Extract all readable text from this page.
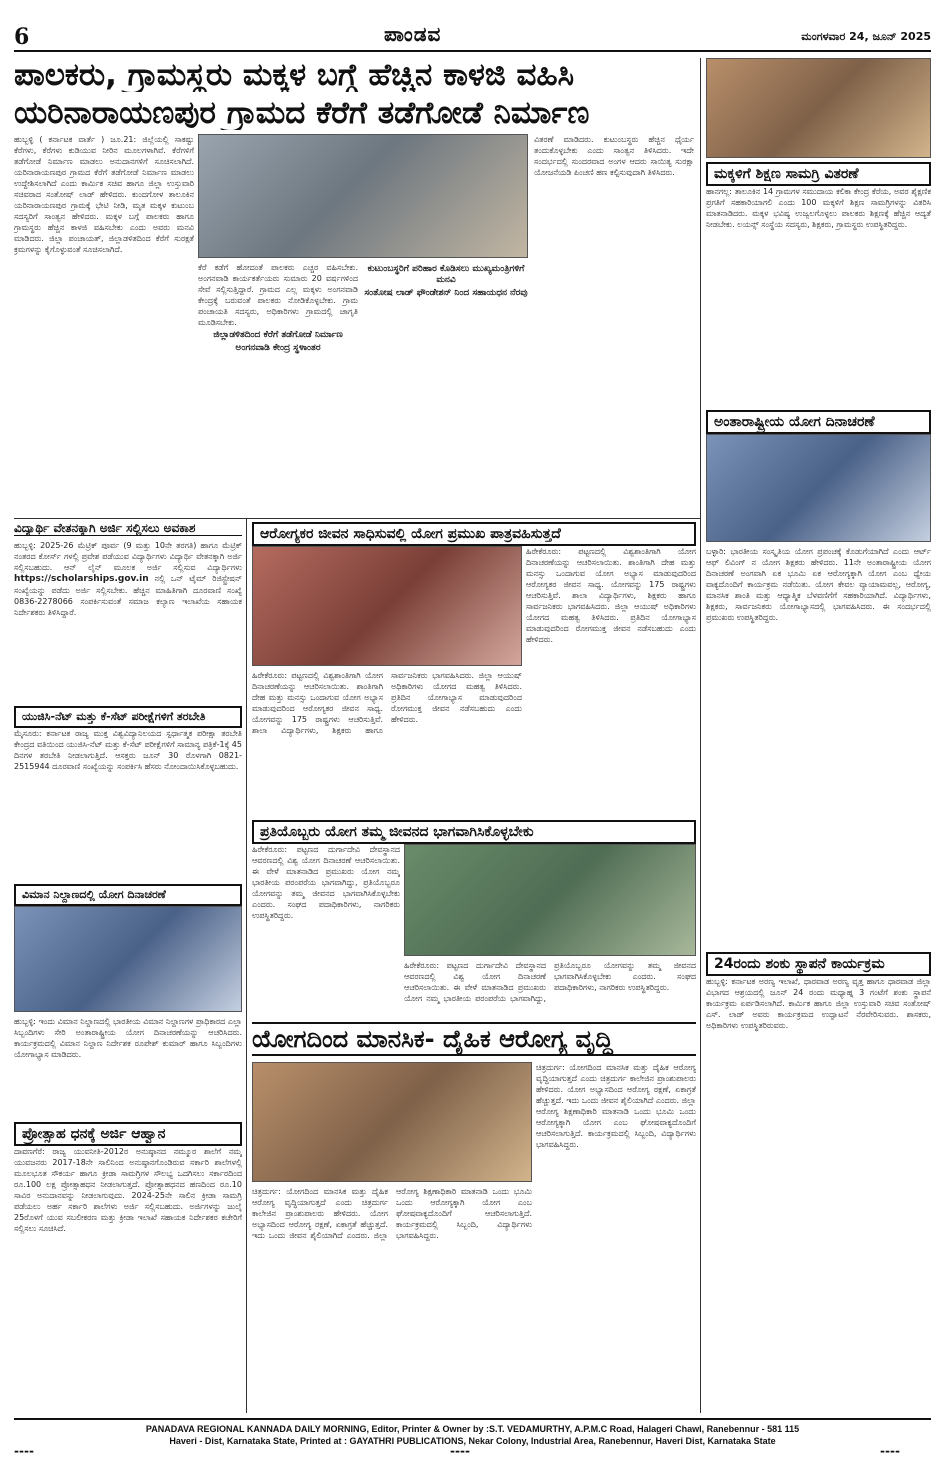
6	ಪಾಂಡವ	ಮಂಗಳವಾರ 24, ಜೂನ್ 2025
ಪಾಲಕರು, ಗ್ರಾಮಸ್ಥರು ಮಕ್ಕಳ ಬಗ್ಗೆ ಹೆಚ್ಚಿನ ಕಾಳಜಿ ವಹಿಸಿ
ಯರಿನಾರಾಯಣಪುರ ಗ್ರಾಮದ ಕೆರೆಗೆ ತಡೆಗೋಡೆ ನಿರ್ಮಾಣ
ಹುಬ್ಬಳ್ಳಿ ( ಕರ್ನಾಟಕ ವಾರ್ತೆ ) ಜೂ.21: ಜಿಲ್ಲೆಯಲ್ಲಿ ಸಾಕಷ್ಟು ಕೆರೆಗಳು, ಕೆರೆಗಳು ಕುಡಿಯುವ ನೀರಿನ ಮೂಲಗಳಾಗಿವೆ. ಕೆರೆಗಳಿಗೆ ತಡೆಗೋಡೆ ನಿರ್ಮಾಣ ಮಾಡಲು ಅನುದಾನಗಳಿಗೆ ಸೂಚಿಸಲಾಗಿದೆ. ಯರಿನಾರಾಯಣಪುರ ಗ್ರಾಮದ ಕೆರೆಗೆ ತಡೆಗೋಡೆ ನಿರ್ಮಾಣ ಮಾಡಲು ಉದ್ದೇಶಿಸಲಾಗಿದೆ ಎಂದು ಕಾರ್ಮಿಕ ಸಚಿವ ಹಾಗೂ ಜಿಲ್ಲಾ ಉಸ್ತುವಾರಿ ಸಚಿವರಾದ ಸಂತೋಷ್ ಲಾಡ್ ಹೇಳಿದರು. ಕುಂದಗೋಳ ತಾಲೂಕಿನ ಯರಿನಾರಾಯಣಪುರ ಗ್ರಾಮಕ್ಕೆ ಭೇಟಿ ನೀಡಿ, ಮೃತ ಮಕ್ಕಳ ಕುಟುಂಬ ಸದಸ್ಯರಿಗೆ ಸಾಂತ್ವನ ಹೇಳಿದರು. ಮಕ್ಕಳ ಬಗ್ಗೆ ಪಾಲಕರು ಹಾಗೂ ಗ್ರಾಮಸ್ಥರು ಹೆಚ್ಚಿನ ಕಾಳಜಿ ವಹಿಸಬೇಕು ಎಂದು ಅವರು ಮನವಿ ಮಾಡಿದರು. ಜಿಲ್ಲಾ ಪಂಚಾಯತ್, ಜಿಲ್ಲಾಡಳಿತದಿಂದ ಕೆರೆಗೆ ಸುರಕ್ಷತೆ ಕ್ರಮಗಳನ್ನು ಕೈಗೊಳ್ಳುವಂತೆ ಸೂಚಿಸಲಾಗಿದೆ.
ಕೆರೆ ಕಡೆಗೆ ಹೋದಂತೆ ಪಾಲಕರು ಎಚ್ಚರ ವಹಿಸಬೇಕು. ಅಂಗನವಾಡಿ ಕಾರ್ಯಕರ್ತೆಯರು ಸುಮಾರು 20 ವರ್ಷಗಳಿಂದ ಸೇವೆ ಸಲ್ಲಿಸುತ್ತಿದ್ದಾರೆ. ಗ್ರಾಮದ ಎಲ್ಲ ಮಕ್ಕಳು ಅಂಗನವಾಡಿ ಕೇಂದ್ರಕ್ಕೆ ಬರುವಂತೆ ಪಾಲಕರು ನೋಡಿಕೊಳ್ಳಬೇಕು. ಗ್ರಾಮ ಪಂಚಾಯತಿ ಸದಸ್ಯರು, ಅಧಿಕಾರಿಗಳು ಗ್ರಾಮದಲ್ಲಿ ಜಾಗೃತಿ ಮೂಡಿಸಬೇಕು.
ಜಿಲ್ಲಾಡಳಿತದಿಂದ ಕೆರೆಗೆ ತಡೆಗೋಡೆ ನಿರ್ಮಾಣ
ಅಂಗನವಾಡಿ ಕೇಂದ್ರ ಸ್ಥಳಾಂತರ
ಕುಟುಂಬಸ್ಥರಿಗೆ ಪರಿಹಾರ ಕೊಡಿಸಲು ಮುಖ್ಯಮಂತ್ರಿಗಳಿಗೆ ಮನವಿ
ಸಂತೋಷ ಲಾಡ್ ಫೌಂಡೇಶನ್ ನಿಂದ ಸಹಾಯಧನ ನೆರವು
ವಿತರಣೆ ಮಾಡಿದರು. ಕುಟುಂಬಸ್ಥರು ಹೆಚ್ಚಿನ ಧೈರ್ಯ ತಂದುಕೊಳ್ಳಬೇಕು ಎಂದು ಸಾಂತ್ವನ ತಿಳಿಸಿದರು. ಇದೇ ಸಂದರ್ಭದಲ್ಲಿ ಸುಂದರವಾದ ಅಂಗಳ ಆದರು ಸಾಯಿತ್ಯ ಸುರಕ್ಷಾ ಯೋಜನೆಯಡಿ ಪಿಂಚಣಿ ಹಣ ಕಲ್ಪಿಸುವುದಾಗಿ ತಿಳಿಸಿದರು.	ಮಕ್ಕಳಿಗೆ ಶಿಕ್ಷಣ ಸಾಮಗ್ರಿ ವಿತರಣೆ
ಹಾನಗಲ್ಲ: ತಾಲೂಕಿನ 14 ಗ್ರಾಮಗಳ ಸಮುದಾಯ ಕಲಿಕಾ ಕೇಂದ್ರ ಕೆರೆಯ, ಅವರ ಶೈಕ್ಷಣಿಕ ಪ್ರಗತಿಗೆ ಸಹಕಾರಿಯಾಗಲಿ ಎಂದು 100 ಮಕ್ಕಳಿಗೆ ಶಿಕ್ಷಣ ಸಾಮಗ್ರಿಗಳನ್ನು ವಿತರಿಸಿ ಮಾತನಾಡಿದರು. ಮಕ್ಕಳ ಭವಿಷ್ಯ ಉಜ್ವಲಗೊಳ್ಳಲು ಪಾಲಕರು ಶಿಕ್ಷಣಕ್ಕೆ ಹೆಚ್ಚಿನ ಆದ್ಯತೆ ನೀಡಬೇಕು. ಲಯನ್ಸ್ ಸಂಸ್ಥೆಯ ಸದಸ್ಯರು, ಶಿಕ್ಷಕರು, ಗ್ರಾಮಸ್ಥರು ಉಪಸ್ಥಿತರಿದ್ದರು.
ಅಂತಾರಾಷ್ಟ್ರೀಯ ಯೋಗ ದಿನಾಚರಣೆ
ಬಳ್ಳಾರಿ: ಭಾರತೀಯ ಸಂಸ್ಕೃತಿಯ ಯೋಗ ಪ್ರಪಂಚಕ್ಕೆ ಕೊಡುಗೆಯಾಗಿದೆ ಎಂದು ಆರ್ಟ್ ಆಫ್ ಲಿವಿಂಗ್ ನ ಯೋಗ ಶಿಕ್ಷಕರು ಹೇಳಿದರು. 11ನೇ ಅಂತಾರಾಷ್ಟ್ರೀಯ ಯೋಗ ದಿನಾಚರಣೆ ಅಂಗವಾಗಿ ಏಕ ಭೂಮಿ ಏಕ ಆರೋಗ್ಯಕ್ಕಾಗಿ ಯೋಗ ಎಂಬ ಧ್ಯೇಯ ವಾಕ್ಯದೊಂದಿಗೆ ಕಾರ್ಯಕ್ರಮ ನಡೆಯಿತು. ಯೋಗ ಕೇವಲ ವ್ಯಾಯಾಮವಲ್ಲ, ಆರೋಗ್ಯ, ಮಾನಸಿಕ ಶಾಂತಿ ಮತ್ತು ಆಧ್ಯಾತ್ಮಿಕ ಬೆಳವಣಿಗೆಗೆ ಸಹಕಾರಿಯಾಗಿದೆ. ವಿದ್ಯಾರ್ಥಿಗಳು, ಶಿಕ್ಷಕರು, ಸಾರ್ವಜನಿಕರು ಯೋಗಾಭ್ಯಾಸದಲ್ಲಿ ಭಾಗವಹಿಸಿದರು. ಈ ಸಂದರ್ಭದಲ್ಲಿ ಪ್ರಮುಖರು ಉಪಸ್ಥಿತರಿದ್ದರು.
24ರಂದು ಶಂಕು ಸ್ಥಾಪನೆ ಕಾರ್ಯಕ್ರಮ
ಹುಬ್ಬಳ್ಳಿ: ಕರ್ನಾಟಕ ಅರಣ್ಯ ಇಲಾಖೆ, ಧಾರವಾಡ ಅರಣ್ಯ ವೃತ್ತ ಹಾಗೂ ಧಾರವಾಡ ಜಿಲ್ಲಾ ವಿಭಾಗದ ಆಶ್ರಯದಲ್ಲಿ ಜೂನ್ 24 ರಂದು ಮಧ್ಯಾಹ್ನ 3 ಗಂಟೆಗೆ ಶಂಕು ಸ್ಥಾಪನೆ ಕಾರ್ಯಕ್ರಮ ಏರ್ಪಡಿಸಲಾಗಿದೆ. ಕಾರ್ಮಿಕ ಹಾಗೂ ಜಿಲ್ಲಾ ಉಸ್ತುವಾರಿ ಸಚಿವ ಸಂತೋಷ್ ಎಸ್. ಲಾಡ್ ಅವರು ಕಾರ್ಯಕ್ರಮದ ಉದ್ಘಾಟನೆ ನೆರವೇರಿಸುವರು. ಶಾಸಕರು, ಅಧಿಕಾರಿಗಳು ಉಪಸ್ಥಿತರಿರುವರು.
ವಿದ್ಯಾರ್ಥಿ ವೇತನಕ್ಕಾಗಿ ಅರ್ಜಿ ಸಲ್ಲಿಸಲು ಅವಕಾಶ
ಹುಬ್ಬಳ್ಳಿ: 2025-26 ಮೆಟ್ರಿಕ್ ಪೂರ್ವ (9 ಮತ್ತು 10ನೇ ತರಗತಿ) ಹಾಗೂ ಮೆಟ್ರಿಕ್ ನಂತರದ ಕೋರ್ಸ್ ಗಳಲ್ಲಿ ಪ್ರವೇಶ ಪಡೆಯುವ ವಿದ್ಯಾರ್ಥಿಗಳು ವಿದ್ಯಾರ್ಥಿ ವೇತನಕ್ಕಾಗಿ ಅರ್ಜಿ ಸಲ್ಲಿಸಬಹುದು. ಆನ್ ಲೈನ್ ಮೂಲಕ ಅರ್ಜಿ ಸಲ್ಲಿಸುವ ವಿದ್ಯಾರ್ಥಿಗಳು https://scholarships.gov.in ನಲ್ಲಿ ಒನ್ ಟೈಮ್ ರಿಜಿಸ್ಟ್ರೇಷನ್ ಸಂಖ್ಯೆಯನ್ನು ಪಡೆದು ಅರ್ಜಿ ಸಲ್ಲಿಸಬೇಕು. ಹೆಚ್ಚಿನ ಮಾಹಿತಿಗಾಗಿ ದೂರವಾಣಿ ಸಂಖ್ಯೆ 0836-2278066 ಸಂಪರ್ಕಿಸುವಂತೆ ಸಮಾಜ ಕಲ್ಯಾಣ ಇಲಾಖೆಯ ಸಹಾಯಕ ನಿರ್ದೇಶಕರು ತಿಳಿಸಿದ್ದಾರೆ.
ಯುಜಿಸಿ-ನೆಟ್ ಮತ್ತು ಕೆ-ಸೆಟ್ ಪರೀಕ್ಷೆಗಳಿಗೆ ತರಬೇತಿ
ಮೈಸೂರು: ಕರ್ನಾಟಕ ರಾಜ್ಯ ಮುಕ್ತ ವಿಶ್ವವಿದ್ಯಾನಿಲಯದ ಸ್ಪರ್ಧಾತ್ಮಕ ಪರೀಕ್ಷಾ ತರಬೇತಿ ಕೇಂದ್ರದ ವತಿಯಿಂದ ಯುಜಿಸಿ-ನೆಟ್ ಮತ್ತು ಕೆ-ಸೆಟ್ ಪರೀಕ್ಷೆಗಳಿಗೆ ಸಾಮಾನ್ಯ ಪತ್ರಿಕೆ-1ಕ್ಕೆ 45 ದಿನಗಳ ತರಬೇತಿ ನೀಡಲಾಗುತ್ತಿದೆ. ಆಸಕ್ತರು ಜೂನ್ 30 ರೊಳಗಾಗಿ 0821-2515944 ದೂರವಾಣಿ ಸಂಖ್ಯೆಯನ್ನು ಸಂಪರ್ಕಿಸಿ ಹೆಸರು ನೋಂದಾಯಿಸಿಕೊಳ್ಳಬಹುದು.
ವಿಮಾನ ನಿಲ್ದಾಣದಲ್ಲಿ ಯೋಗ ದಿನಾಚರಣೆ
ಹುಬ್ಬಳ್ಳಿ: ಇಂದು ವಿಮಾನ ನಿಲ್ದಾಣದಲ್ಲಿ ಭಾರತೀಯ ವಿಮಾನ ನಿಲ್ದಾಣಗಳ ಪ್ರಾಧಿಕಾರದ ಎಲ್ಲಾ ಸಿಬ್ಬಂದಿಗಳು ಸೇರಿ ಅಂತಾರಾಷ್ಟ್ರೀಯ ಯೋಗ ದಿನಾಚರಣೆಯನ್ನು ಆಚರಿಸಿದರು. ಕಾರ್ಯಕ್ರಮದಲ್ಲಿ ವಿಮಾನ ನಿಲ್ದಾಣ ನಿರ್ದೇಶಕ ರೂಪೇಶ್ ಕುಮಾರ್ ಹಾಗೂ ಸಿಬ್ಬಂದಿಗಳು ಯೋಗಾಭ್ಯಾಸ ಮಾಡಿದರು.
ಪ್ರೋತ್ಸಾಹ ಧನಕ್ಕೆ ಅರ್ಜಿ ಆಹ್ವಾನ
ದಾವಣಗೆರೆ: ರಾಜ್ಯ ಯುವನೀತಿ-2012ರ ಅನುಷ್ಠಾನದ ನಮ್ಮೂರ ಶಾಲೆಗೆ ನಮ್ಮ ಯುವಜನರು 2017-18ನೇ ಸಾಲಿನಿಂದ ಅನುಷ್ಠಾನಗೊಂಡಿರುವ ಸರ್ಕಾರಿ ಶಾಲೆಗಳಲ್ಲಿ ಮೂಲಭೂತ ಸೌಕರ್ಯ ಹಾಗೂ ಕ್ರೀಡಾ ಸಾಮಗ್ರಿಗಳ ಸೌಲಭ್ಯ ಒದಗಿಸಲು ಸರ್ಕಾರದಿಂದ ರೂ.100 ಲಕ್ಷ ಪ್ರೋತ್ಸಾಹಧನ ನೀಡಲಾಗುತ್ತದೆ. ಪ್ರೋತ್ಸಾಹಧನದ ಹಣದಿಂದ ರೂ.10 ಸಾವಿರ ಅನುದಾನವನ್ನು ನೀಡಲಾಗುವುದು. 2024-25ನೇ ಸಾಲಿನ ಕ್ರೀಡಾ ಸಾಮಗ್ರಿ ಪಡೆಯಲು ಅರ್ಹ ಸರ್ಕಾರಿ ಶಾಲೆಗಳು ಅರ್ಜಿ ಸಲ್ಲಿಸಬಹುದು. ಅರ್ಜಿಗಳನ್ನು ಜುಲೈ 25ರೊಳಗೆ ಯುವ ಸಬಲೀಕರಣ ಮತ್ತು ಕ್ರೀಡಾ ಇಲಾಖೆ ಸಹಾಯಕ ನಿರ್ದೇಶಕರ ಕಚೇರಿಗೆ ಸಲ್ಲಿಸಲು ಸೂಚಿಸಿದೆ.
ಆರೋಗ್ಯಕರ ಜೀವನ ಸಾಧಿಸುವಲ್ಲಿ ಯೋಗ ಪ್ರಮುಖ ಪಾತ್ರವಹಿಸುತ್ತದೆ
ಹಿರೇಕೆರೂರು: ಪಟ್ಟಣದಲ್ಲಿ ವಿಶ್ವಶಾಂತಿಗಾಗಿ ಯೋಗ ದಿನಾಚರಣೆಯನ್ನು ಆಚರಿಸಲಾಯಿತು. ಶಾಂತಿಗಾಗಿ ದೇಹ ಮತ್ತು ಮನಸ್ಸು ಒಂದಾಗುವ ಯೋಗ ಅಭ್ಯಾಸ ಮಾಡುವುದರಿಂದ ಆರೋಗ್ಯಕರ ಜೀವನ ಸಾಧ್ಯ. ಯೋಗವನ್ನು 175 ರಾಷ್ಟ್ರಗಳು ಆಚರಿಸುತ್ತಿವೆ. ಶಾಲಾ ವಿದ್ಯಾರ್ಥಿಗಳು, ಶಿಕ್ಷಕರು ಹಾಗೂ ಸಾರ್ವಜನಿಕರು ಭಾಗವಹಿಸಿದರು. ಜಿಲ್ಲಾ ಆಯುಷ್ ಅಧಿಕಾರಿಗಳು ಯೋಗದ ಮಹತ್ವ ತಿಳಿಸಿದರು. ಪ್ರತಿದಿನ ಯೋಗಾಭ್ಯಾಸ ಮಾಡುವುದರಿಂದ ರೋಗಮುಕ್ತ ಜೀವನ ನಡೆಸಬಹುದು ಎಂದು ಹೇಳಿದರು.
ಹಿರೇಕೆರೂರು: ಪಟ್ಟಣದಲ್ಲಿ ವಿಶ್ವಶಾಂತಿಗಾಗಿ ಯೋಗ ದಿನಾಚರಣೆಯನ್ನು ಆಚರಿಸಲಾಯಿತು. ಶಾಂತಿಗಾಗಿ ದೇಹ ಮತ್ತು ಮನಸ್ಸು ಒಂದಾಗುವ ಯೋಗ ಅಭ್ಯಾಸ ಮಾಡುವುದರಿಂದ ಆರೋಗ್ಯಕರ ಜೀವನ ಸಾಧ್ಯ. ಯೋಗವನ್ನು 175 ರಾಷ್ಟ್ರಗಳು ಆಚರಿಸುತ್ತಿವೆ. ಶಾಲಾ ವಿದ್ಯಾರ್ಥಿಗಳು, ಶಿಕ್ಷಕರು ಹಾಗೂ ಸಾರ್ವಜನಿಕರು ಭಾಗವಹಿಸಿದರು. ಜಿಲ್ಲಾ ಆಯುಷ್ ಅಧಿಕಾರಿಗಳು ಯೋಗದ ಮಹತ್ವ ತಿಳಿಸಿದರು. ಪ್ರತಿದಿನ ಯೋಗಾಭ್ಯಾಸ ಮಾಡುವುದರಿಂದ ರೋಗಮುಕ್ತ ಜೀವನ ನಡೆಸಬಹುದು ಎಂದು ಹೇಳಿದರು.
ಪ್ರತಿಯೊಬ್ಬರು ಯೋಗ ತಮ್ಮ ಜೀವನದ ಭಾಗವಾಗಿಸಿಕೊಳ್ಳಬೇಕು
ಹಿರೇಕೆರೂರು: ಪಟ್ಟಣದ ದುರ್ಗಾದೇವಿ ದೇವಸ್ಥಾನದ ಆವರಣದಲ್ಲಿ ವಿಶ್ವ ಯೋಗ ದಿನಾಚರಣೆ ಆಚರಿಸಲಾಯಿತು. ಈ ವೇಳೆ ಮಾತನಾಡಿದ ಪ್ರಮುಖರು ಯೋಗ ನಮ್ಮ ಭಾರತೀಯ ಪರಂಪರೆಯ ಭಾಗವಾಗಿದ್ದು, ಪ್ರತಿಯೊಬ್ಬರೂ ಯೋಗವನ್ನು ತಮ್ಮ ಜೀವನದ ಭಾಗವಾಗಿಸಿಕೊಳ್ಳಬೇಕು ಎಂದರು. ಸಂಘದ ಪದಾಧಿಕಾರಿಗಳು, ನಾಗರಿಕರು ಉಪಸ್ಥಿತರಿದ್ದರು.
ಹಿರೇಕೆರೂರು: ಪಟ್ಟಣದ ದುರ್ಗಾದೇವಿ ದೇವಸ್ಥಾನದ ಆವರಣದಲ್ಲಿ ವಿಶ್ವ ಯೋಗ ದಿನಾಚರಣೆ ಆಚರಿಸಲಾಯಿತು. ಈ ವೇಳೆ ಮಾತನಾಡಿದ ಪ್ರಮುಖರು ಯೋಗ ನಮ್ಮ ಭಾರತೀಯ ಪರಂಪರೆಯ ಭಾಗವಾಗಿದ್ದು, ಪ್ರತಿಯೊಬ್ಬರೂ ಯೋಗವನ್ನು ತಮ್ಮ ಜೀವನದ ಭಾಗವಾಗಿಸಿಕೊಳ್ಳಬೇಕು ಎಂದರು. ಸಂಘದ ಪದಾಧಿಕಾರಿಗಳು, ನಾಗರಿಕರು ಉಪಸ್ಥಿತರಿದ್ದರು.
ಯೋಗದಿಂದ ಮಾನಸಿಕ- ದೈಹಿಕ ಆರೋಗ್ಯ ವೃದ್ಧಿ
ಚಿತ್ರದುರ್ಗ: ಯೋಗದಿಂದ ಮಾನಸಿಕ ಮತ್ತು ದೈಹಿಕ ಆರೋಗ್ಯ ವೃದ್ಧಿಯಾಗುತ್ತದೆ ಎಂದು ಚಿತ್ರದುರ್ಗ ಕಾಲೇಜಿನ ಪ್ರಾಂಶುಪಾಲರು ಹೇಳಿದರು. ಯೋಗ ಅಭ್ಯಾಸದಿಂದ ಆರೋಗ್ಯ ರಕ್ಷಣೆ, ಏಕಾಗ್ರತೆ ಹೆಚ್ಚುತ್ತದೆ. ಇದು ಒಂದು ಜೀವನ ಶೈಲಿಯಾಗಿದೆ ಎಂದರು. ಜಿಲ್ಲಾ ಆರೋಗ್ಯ ಶಿಕ್ಷಣಾಧಿಕಾರಿ ಮಾತನಾಡಿ ಒಂದು ಭೂಮಿ ಒಂದು ಆರೋಗ್ಯಕ್ಕಾಗಿ ಯೋಗ ಎಂಬ ಘೋಷವಾಕ್ಯದೊಂದಿಗೆ ಆಚರಿಸಲಾಗುತ್ತಿದೆ. ಕಾರ್ಯಕ್ರಮದಲ್ಲಿ ಸಿಬ್ಬಂದಿ, ವಿದ್ಯಾರ್ಥಿಗಳು ಭಾಗವಹಿಸಿದ್ದರು.
ಚಿತ್ರದುರ್ಗ: ಯೋಗದಿಂದ ಮಾನಸಿಕ ಮತ್ತು ದೈಹಿಕ ಆರೋಗ್ಯ ವೃದ್ಧಿಯಾಗುತ್ತದೆ ಎಂದು ಚಿತ್ರದುರ್ಗ ಕಾಲೇಜಿನ ಪ್ರಾಂಶುಪಾಲರು ಹೇಳಿದರು. ಯೋಗ ಅಭ್ಯಾಸದಿಂದ ಆರೋಗ್ಯ ರಕ್ಷಣೆ, ಏಕಾಗ್ರತೆ ಹೆಚ್ಚುತ್ತದೆ. ಇದು ಒಂದು ಜೀವನ ಶೈಲಿಯಾಗಿದೆ ಎಂದರು. ಜಿಲ್ಲಾ ಆರೋಗ್ಯ ಶಿಕ್ಷಣಾಧಿಕಾರಿ ಮಾತನಾಡಿ ಒಂದು ಭೂಮಿ ಒಂದು ಆರೋಗ್ಯಕ್ಕಾಗಿ ಯೋಗ ಎಂಬ ಘೋಷವಾಕ್ಯದೊಂದಿಗೆ ಆಚರಿಸಲಾಗುತ್ತಿದೆ. ಕಾರ್ಯಕ್ರಮದಲ್ಲಿ ಸಿಬ್ಬಂದಿ, ವಿದ್ಯಾರ್ಥಿಗಳು ಭಾಗವಹಿಸಿದ್ದರು.
PANADAVA REGIONAL KANNADA DAILY MORNING, Editor, Printer & Owner by :S.T. VEDAMURTHY, A.P.M.C Road, Halageri Chawl, Ranebennur - 581 115
Haveri - Dist, Karnataka State, Printed at : GAYATHRI PUBLICATIONS, Nekar Colony, Industrial Area, Ranebennur, Haveri Dist, Karnataka State
----	----	----
